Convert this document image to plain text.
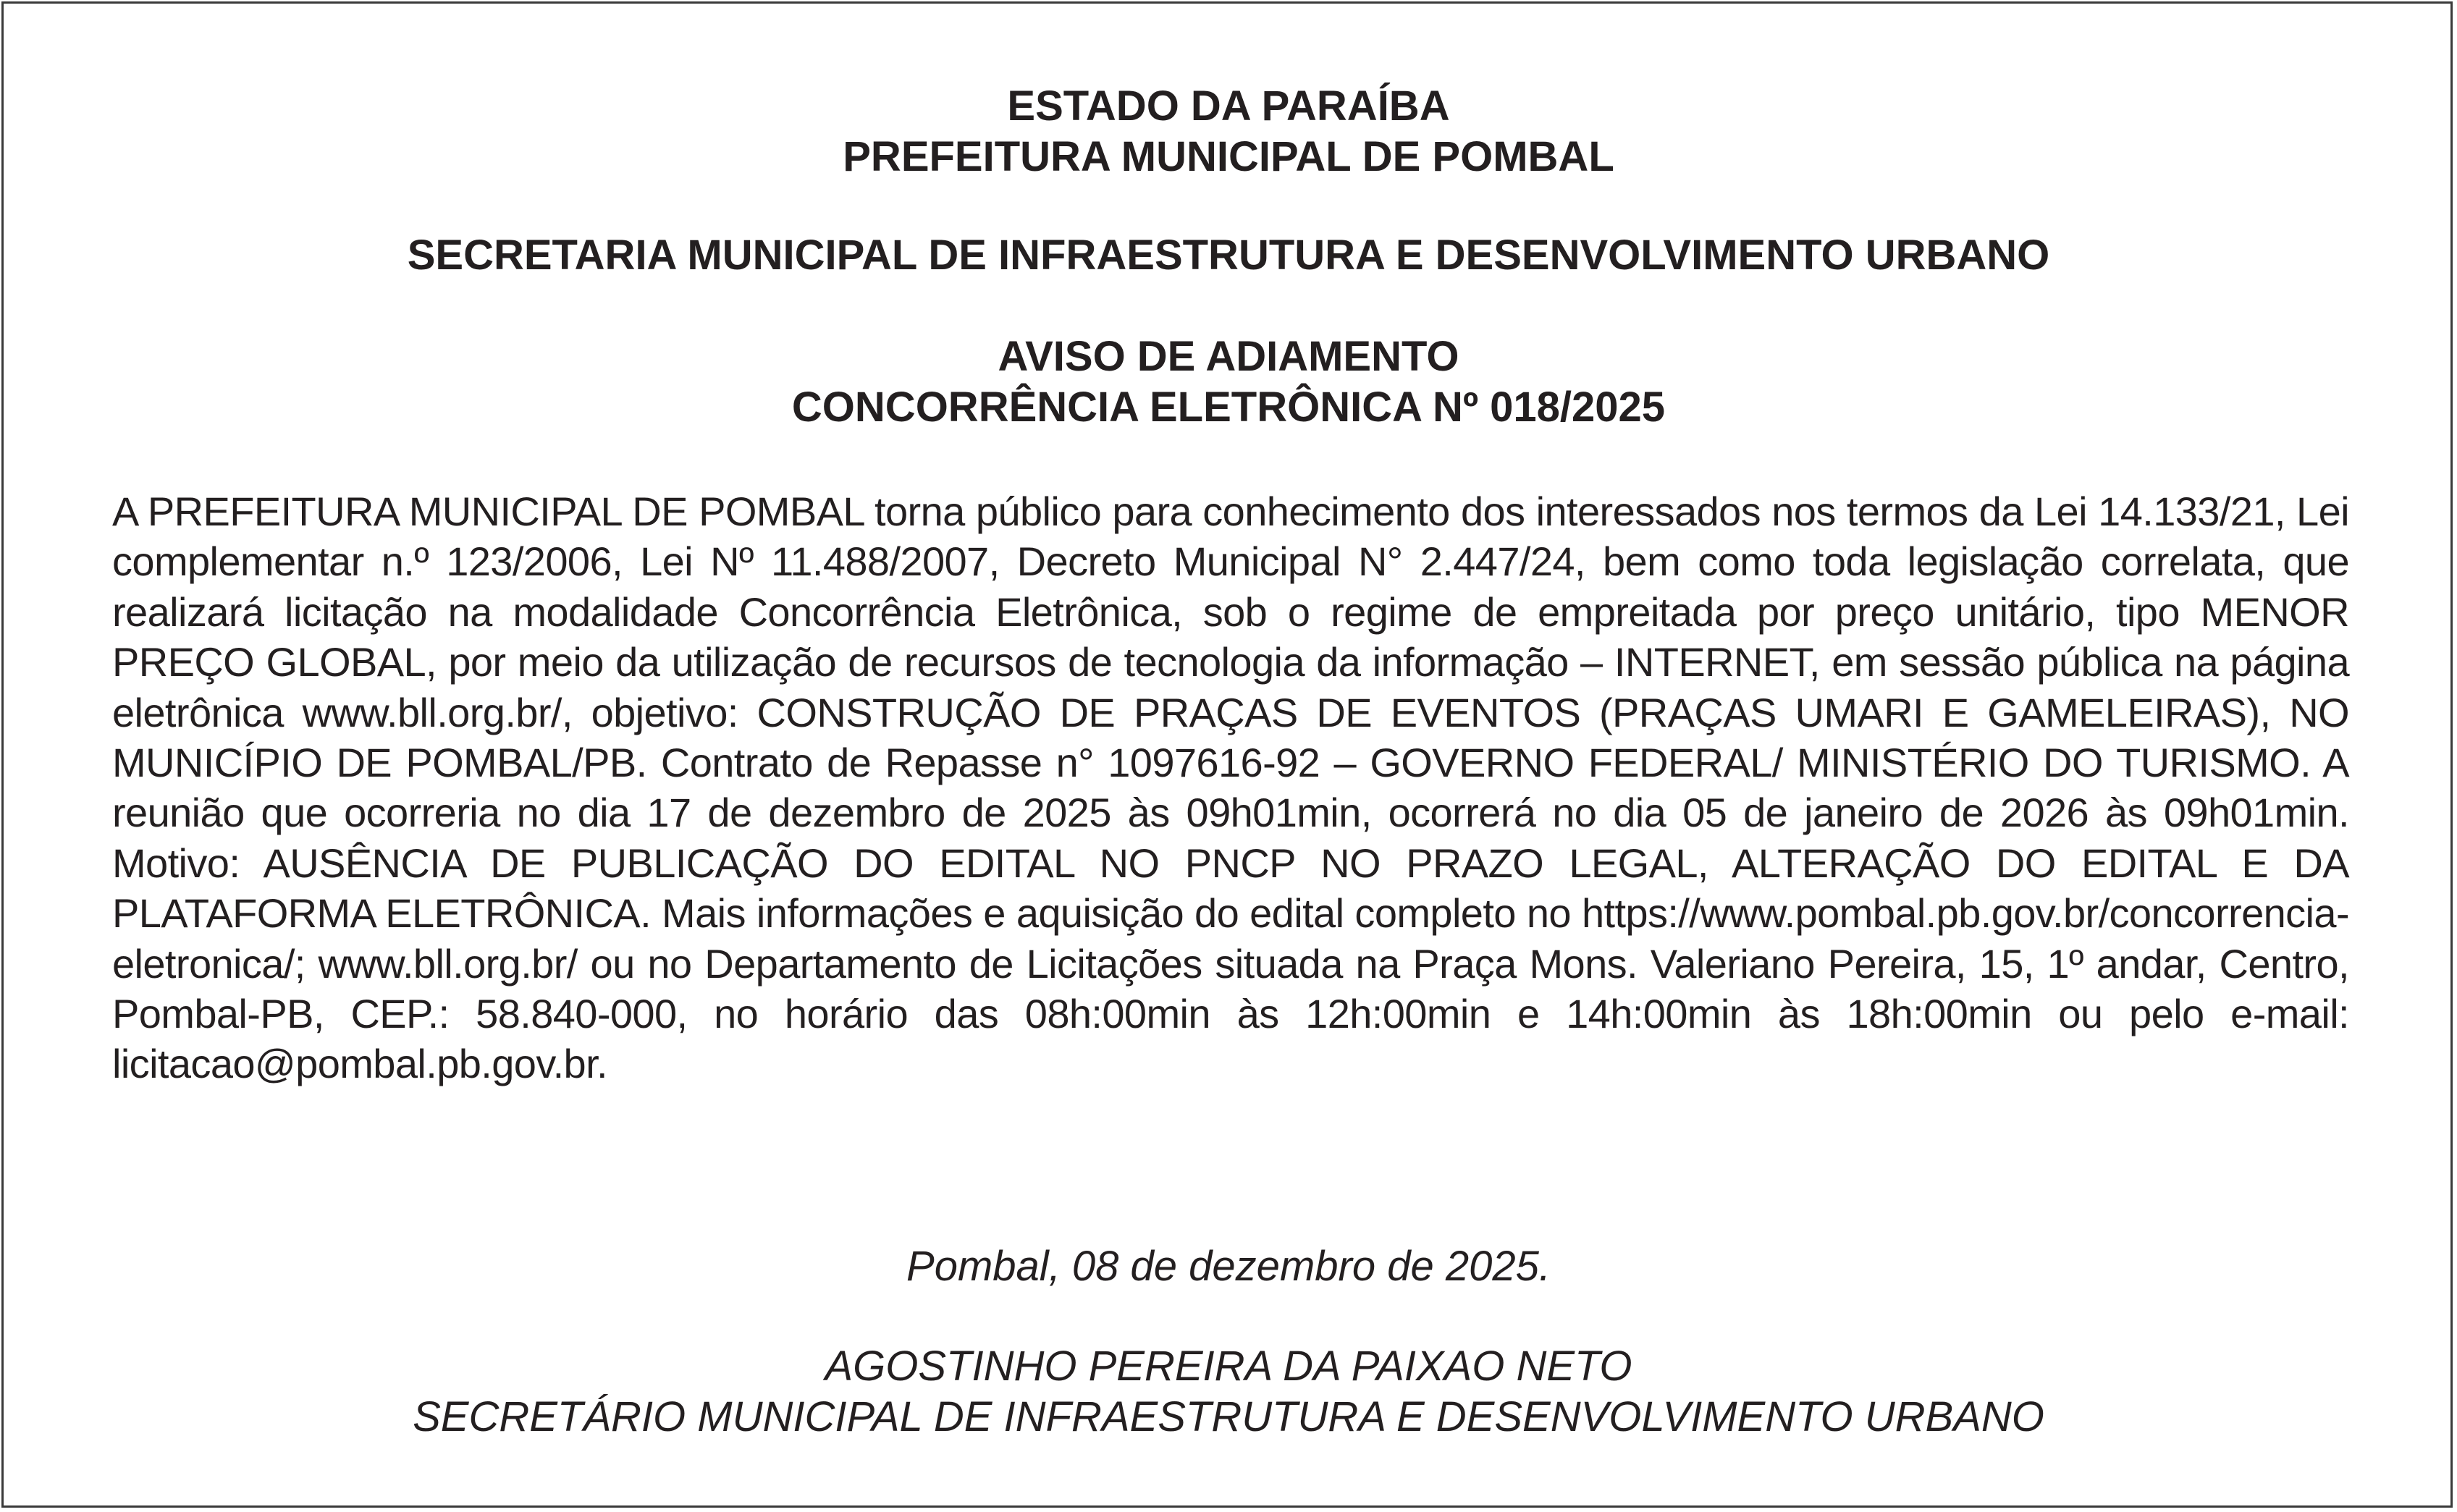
ESTADO DA PARAÍBA
PREFEITURA MUNICIPAL DE POMBAL
SECRETARIA MUNICIPAL DE INFRAESTRUTURA E DESENVOLVIMENTO URBANO
AVISO DE ADIAMENTO
CONCORRÊNCIA ELETRÔNICA Nº 018/2025
A PREFEITURA MUNICIPAL DE POMBAL torna público para conhecimento dos interessados nos termos da Lei 14.133/21, Lei complementar n.º 123/2006, Lei Nº 11.488/2007, Decreto Municipal N° 2.447/24, bem como toda legislação correlata, que realizará licitação na modalidade Concorrência Eletrônica, sob o regime de empreitada por preço unitário, tipo MENOR PREÇO GLOBAL, por meio da utilização de recursos de tecnologia da informação – INTERNET, em sessão pública na página eletrônica www.bll.org.br/, objetivo: CONSTRUÇÃO DE PRAÇAS DE EVENTOS (PRAÇAS UMARI E GAMELEIRAS), NO MUNICÍPIO DE POMBAL/PB. Contrato de Repasse n° 1097616-92 – GOVERNO FEDERAL/ MINISTÉRIO DO TURISMO. A reunião que ocorreria no dia 17 de dezembro de 2025 às 09h01min, ocorrerá no dia 05 de janeiro de 2026 às 09h01min. Motivo: AUSÊNCIA DE PUBLICAÇÃO DO EDITAL NO PNCP NO PRAZO LEGAL, ALTERAÇÃO DO EDITAL E DA PLATAFORMA ELETRÔNICA. Mais informações e aquisição do edital completo no https://www.pombal.pb.gov.br/concorrencia-eletronica/; www.bll.org.br/ ou no Departamento de Licitações situada na Praça Mons. Valeriano Pereira, 15, 1º andar, Centro, Pombal-PB, CEP.: 58.840-000, no horário das 08h:00min às 12h:00min e 14h:00min às 18h:00min ou pelo e-mail: licitacao@pombal.pb.gov.br.
Pombal, 08 de dezembro de 2025.
AGOSTINHO PEREIRA DA PAIXAO NETO
SECRETÁRIO MUNICIPAL DE INFRAESTRUTURA E DESENVOLVIMENTO URBANO
